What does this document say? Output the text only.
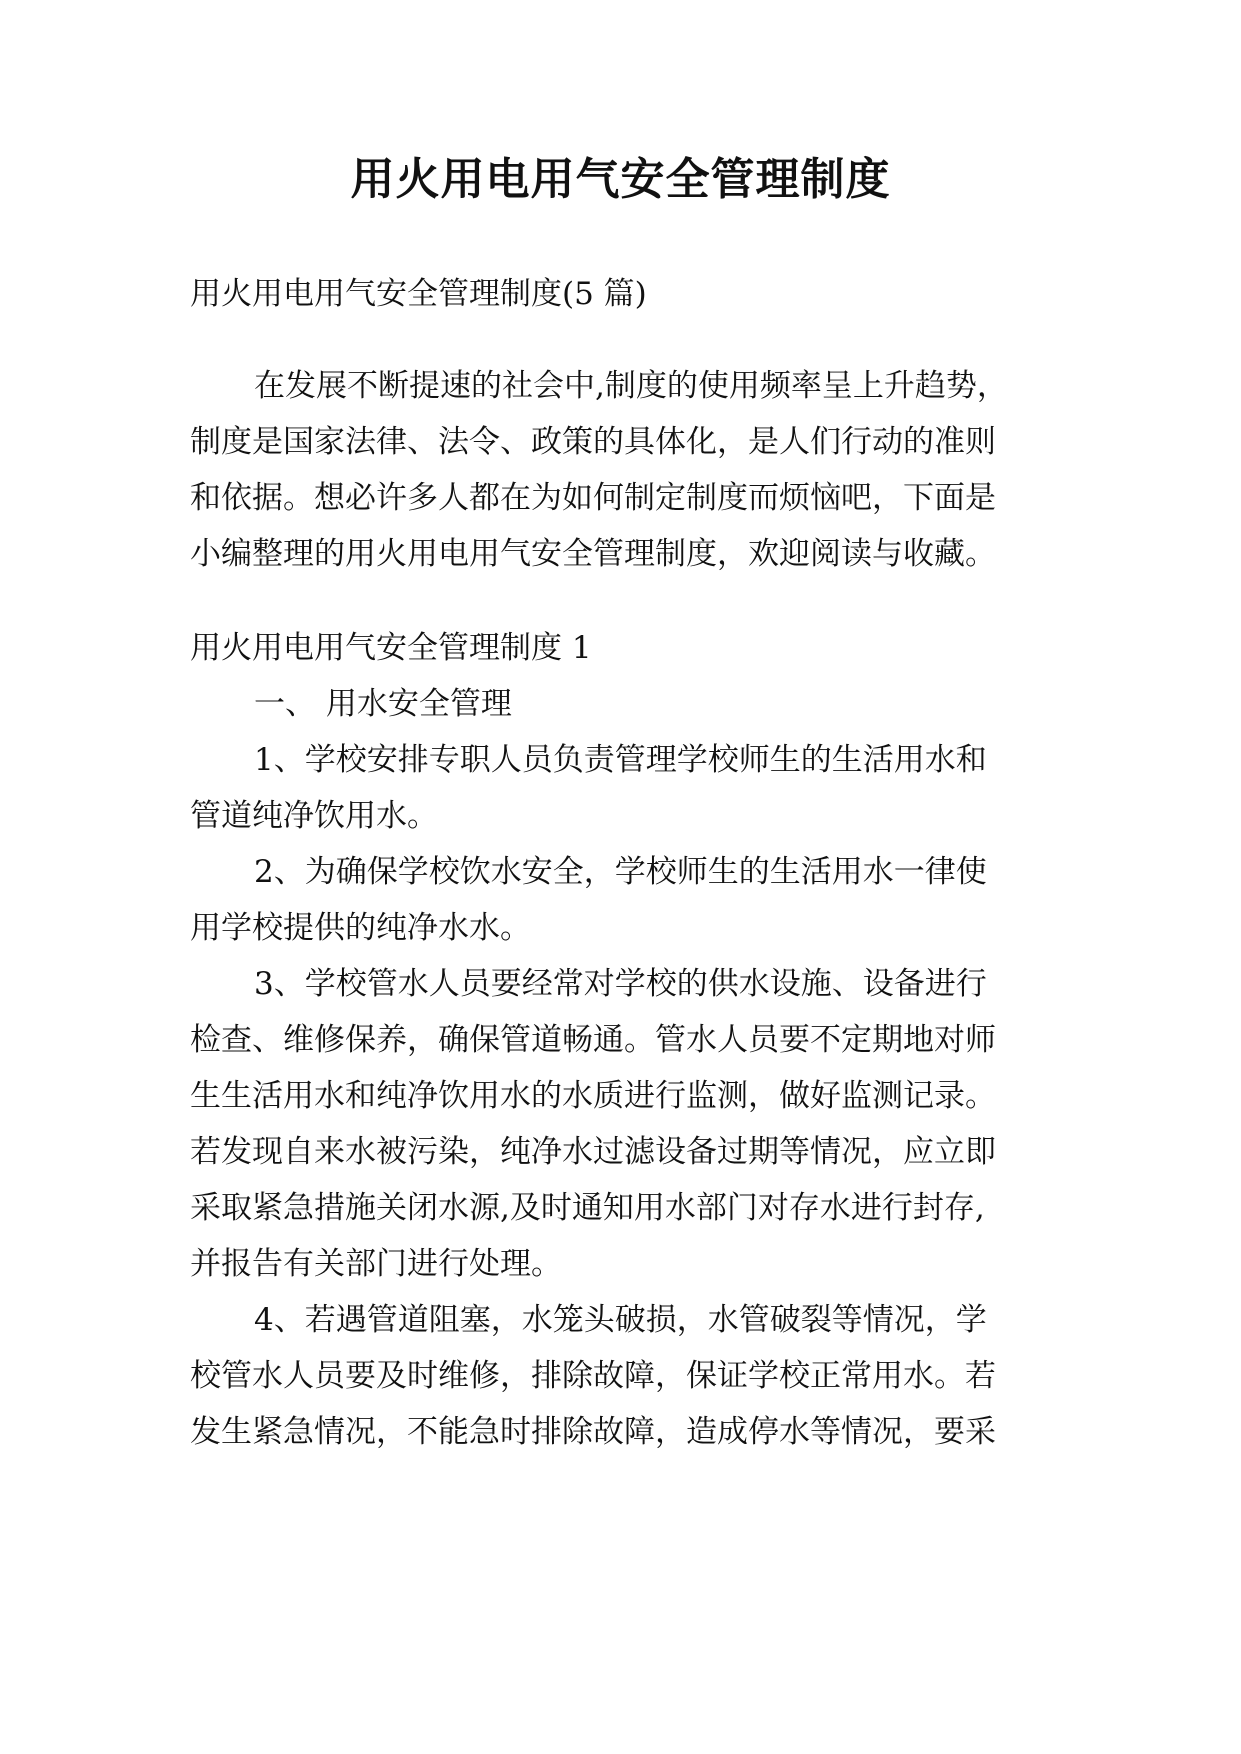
用火用电用气安全管理制度
用火用电用气安全管理制度(5 篇)
在发展不断提速的社会中,制度的使用频率呈上升趋势，
制度是国家法律、法令、政策的具体化，是人们行动的准则
和依据。想必许多人都在为如何制定制度而烦恼吧，下面是
小编整理的用火用电用气安全管理制度，欢迎阅读与收藏。
用火用电用气安全管理制度 1
一、 用水安全管理
1、学校安排专职人员负责管理学校师生的生活用水和
管道纯净饮用水。
2、为确保学校饮水安全，学校师生的生活用水一律使
用学校提供的纯净水水。
3、学校管水人员要经常对学校的供水设施、设备进行
检查、维修保养，确保管道畅通。管水人员要不定期地对师
生生活用水和纯净饮用水的水质进行监测，做好监测记录。
若发现自来水被污染，纯净水过滤设备过期等情况，应立即
采取紧急措施关闭水源,及时通知用水部门对存水进行封存,
并报告有关部门进行处理。
4、若遇管道阻塞，水笼头破损，水管破裂等情况，学
校管水人员要及时维修，排除故障，保证学校正常用水。若
发生紧急情况，不能急时排除故障，造成停水等情况，要采
